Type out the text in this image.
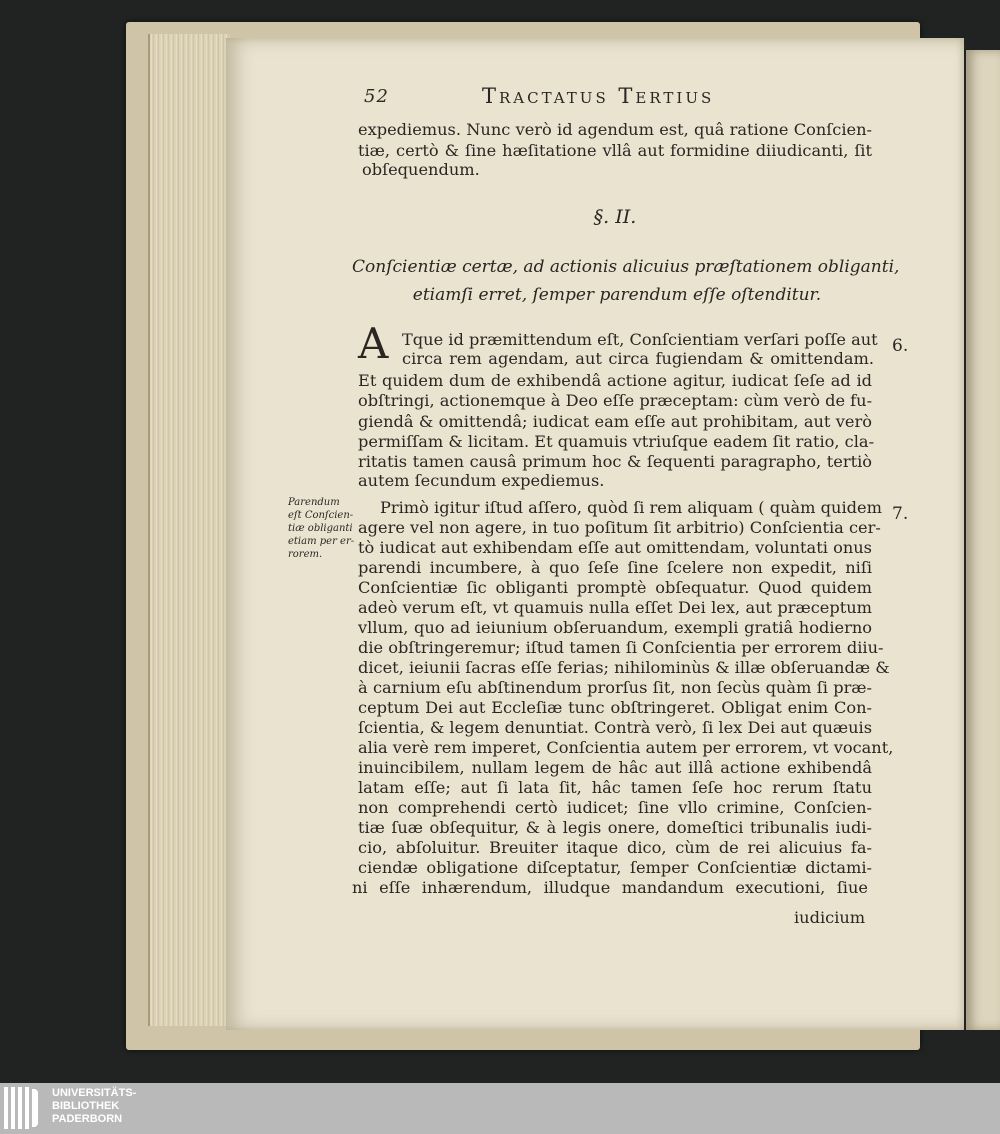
52	Tractatus Tertius
expediemus. Nunc verò id agendum est, quâ ratione Conſcien-
tiæ, certò & ſine hæſitatione vllâ aut formidine diiudicanti, ſit
obſequendum.
§. II.
Conſcientiæ certæ, ad actionis alicuius præſtationem obliganti,
etiamſi erret, ſemper parendum eſſe oſtenditur.
A Tque id præmittendum eſt, Conſcientiam verſari poſſe aut
circa rem agendam, aut circa fugiendam & omittendam.
6.
Et quidem dum de exhibendâ actione agitur, iudicat ſeſe ad id
obſtringi, actionemque à Deo eſſe præceptam: cùm verò de fu-
giendâ & omittendâ; iudicat eam eſſe aut prohibitam, aut verò
permiſſam & licitam. Et quamuis vtriuſque eadem ſit ratio, cla-
ritatis tamen causâ primum hoc & ſequenti paragrapho, tertiò
autem ſecundum expediemus.
Parendum
eſt Conſcien-
tiæ obliganti
etiam per er-
rorem.
7.
Primò igitur iſtud aſſero, quòd ſi rem aliquam ( quàm quidem
agere vel non agere, in tuo poſitum ſit arbitrio) Conſcientia cer-
tò iudicat aut exhibendam eſſe aut omittendam, voluntati onus
parendi incumbere, à quo ſeſe ſine ſcelere non expedit, niſi
Conſcientiæ ſic obliganti promptè obſequatur. Quod quidem
adeò verum eſt, vt quamuis nulla eſſet Dei lex, aut præceptum
vllum, quo ad ieiunium obſeruandum, exempli gratiâ hodierno
die obſtringeremur; iſtud tamen ſi Conſcientia per errorem diiu-
dicet, ieiunii ſacras eſſe ferias; nihilominùs & illæ obſeruandæ &
à carnium eſu abſtinendum prorſus ſit, non ſecùs quàm ſi præ-
ceptum Dei aut Eccleſiæ tunc obſtringeret. Obligat enim Con-
ſcientia, & legem denuntiat. Contrà verò, ſi lex Dei aut quæuis
alia verè rem imperet, Conſcientia autem per errorem, vt vocant,
inuincibilem, nullam legem de hâc aut illâ actione exhibendâ
latam eſſe; aut ſi lata ſit, hâc tamen ſeſe hoc rerum ſtatu
non comprehendi certò iudicet; ſine vllo crimine, Conſcien-
tiæ ſuæ obſequitur, & à legis onere, domeſtici tribunalis iudi-
cio, abſoluitur. Breuiter itaque dico, cùm de rei alicuius fa-
ciendæ obligatione diſceptatur, ſemper Conſcientiæ dictami-
ni eſſe inhærendum, illudque mandandum executioni, ſiue
iudicium
UNIVERSITÄTS-
BIBLIOTHEK
PADERBORN
